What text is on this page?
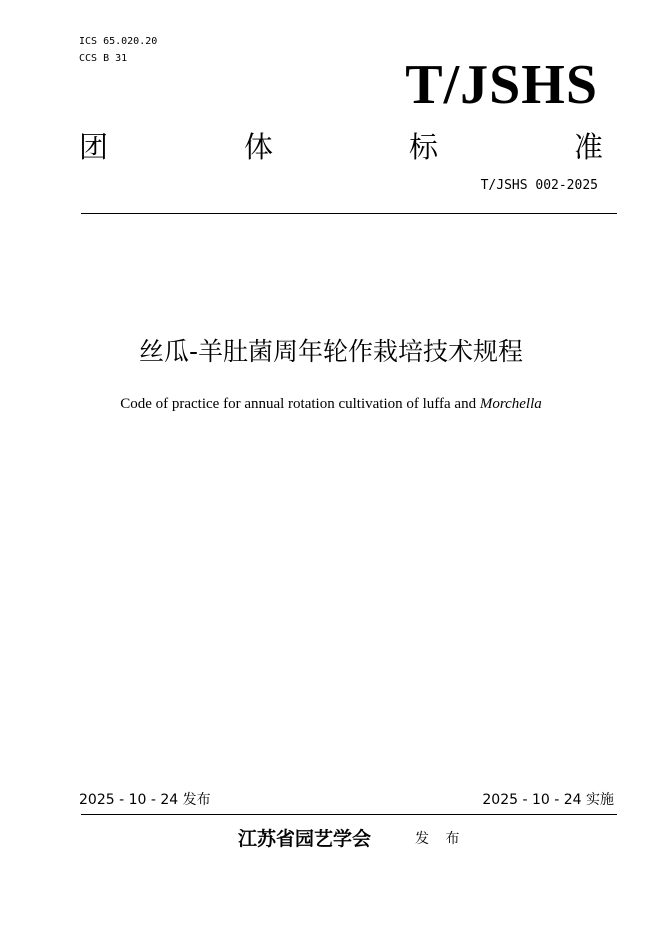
ICS 65.020.20
CCS B 31	T/JSHS
团	体	标	准
T/JSHS 002-2025
丝瓜-羊肚菌周年轮作栽培技术规程
Code of practice for annual rotation cultivation of luffa and Morchella
2025 - 10 - 24 发布	2025 - 10 - 24 实施
江苏省园艺学会	发 布
